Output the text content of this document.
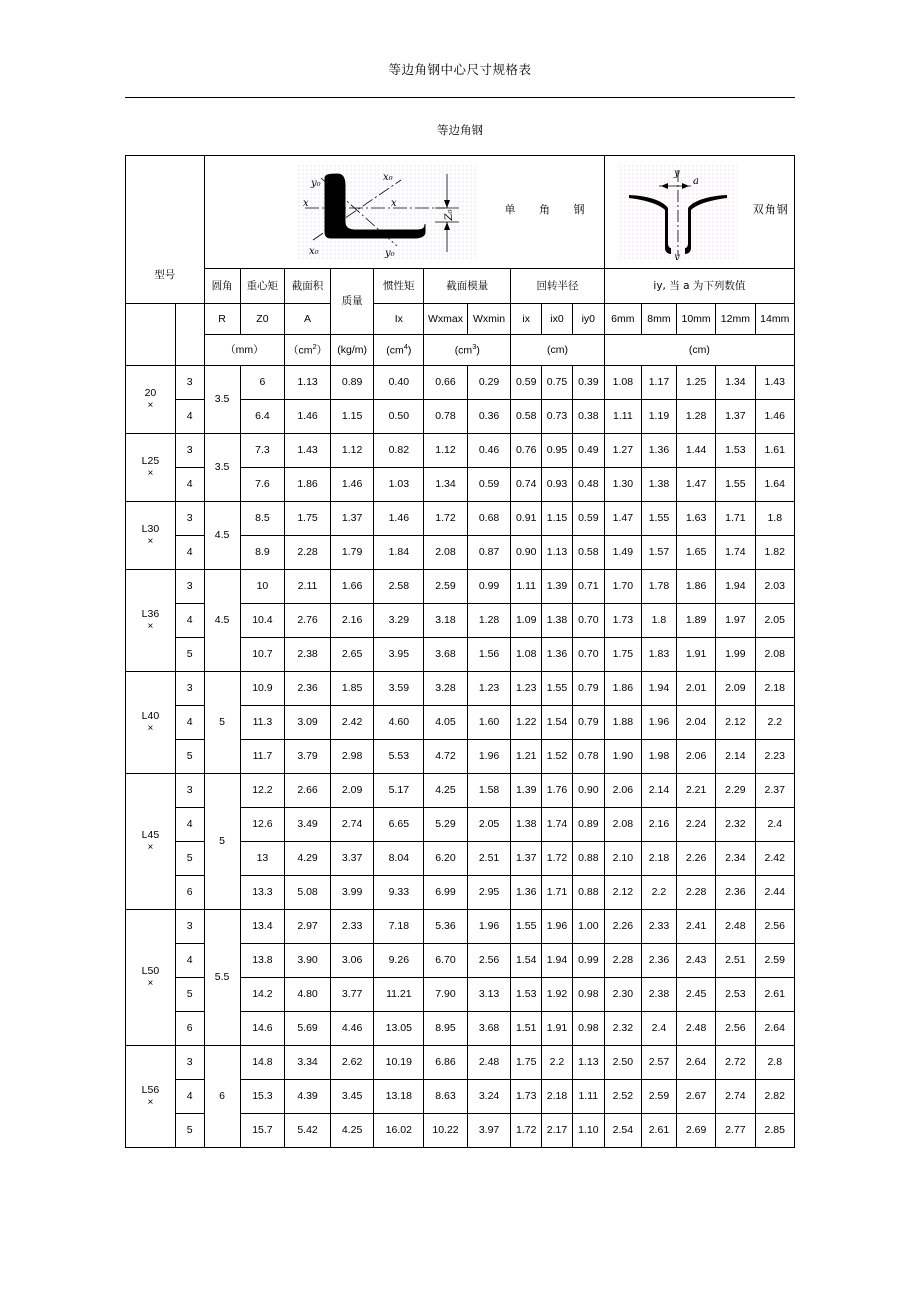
等边角钢中心尺寸规格表
等边角钢
型号

Z₀
y₀
x₀
x	x
x₀	y₀
单 角 钢

y
y
a
双角钢

		圆角	重心矩	截面积	质量	惯性矩	截面模量		回转半径			iy, 当 a 为下列数值				
		R	Z0	A		Ix	Wxmax	Wxmin	ix	ix0	iy0	6mm	8mm	10mm	12mm	14mm
		（mm）		$(cm^2)$	(kg/m)	$(cm^4)$	$(cm^3)$		(cm)			(cm)				
20
×	3	3.5	6	1.13	0.89	0.40	0.66	0.29	0.59	0.75	0.39	1.08	1.17	1.25	1.34	1.43
	4		6.4	1.46	1.15	0.50	0.78	0.36	0.58	0.73	0.38	1.11	1.19	1.28	1.37	1.46
L25
×	3	3.5	7.3	1.43	1.12	0.82	1.12	0.46	0.76	0.95	0.49	1.27	1.36	1.44	1.53	1.61
	4		7.6	1.86	1.46	1.03	1.34	0.59	0.74	0.93	0.48	1.30	1.38	1.47	1.55	1.64
L30
×	3	4.5	8.5	1.75	1.37	1.46	1.72	0.68	0.91	1.15	0.59	1.47	1.55	1.63	1.71	1.8
	4		8.9	2.28	1.79	1.84	2.08	0.87	0.90	1.13	0.58	1.49	1.57	1.65	1.74	1.82
L36
×	3	4.5	10	2.11	1.66	2.58	2.59	0.99	1.11	1.39	0.71	1.70	1.78	1.86	1.94	2.03
	4		10.4	2.76	2.16	3.29	3.18	1.28	1.09	1.38	0.70	1.73	1.8	1.89	1.97	2.05
	5		10.7	2.38	2.65	3.95	3.68	1.56	1.08	1.36	0.70	1.75	1.83	1.91	1.99	2.08
L40
×	3	5	10.9	2.36	1.85	3.59	3.28	1.23	1.23	1.55	0.79	1.86	1.94	2.01	2.09	2.18
	4		11.3	3.09	2.42	4.60	4.05	1.60	1.22	1.54	0.79	1.88	1.96	2.04	2.12	2.2
	5		11.7	3.79	2.98	5.53	4.72	1.96	1.21	1.52	0.78	1.90	1.98	2.06	2.14	2.23
L45
×	3	5	12.2	2.66	2.09	5.17	4.25	1.58	1.39	1.76	0.90	2.06	2.14	2.21	2.29	2.37
	4		12.6	3.49	2.74	6.65	5.29	2.05	1.38	1.74	0.89	2.08	2.16	2.24	2.32	2.4
	5		13	4.29	3.37	8.04	6.20	2.51	1.37	1.72	0.88	2.10	2.18	2.26	2.34	2.42
	6		13.3	5.08	3.99	9.33	6.99	2.95	1.36	1.71	0.88	2.12	2.2	2.28	2.36	2.44
L50
×	3	5.5	13.4	2.97	2.33	7.18	5.36	1.96	1.55	1.96	1.00	2.26	2.33	2.41	2.48	2.56
	4		13.8	3.90	3.06	9.26	6.70	2.56	1.54	1.94	0.99	2.28	2.36	2.43	2.51	2.59
	5		14.2	4.80	3.77	11.21	7.90	3.13	1.53	1.92	0.98	2.30	2.38	2.45	2.53	2.61
	6		14.6	5.69	4.46	13.05	8.95	3.68	1.51	1.91	0.98	2.32	2.4	2.48	2.56	2.64
L56
×	3	6	14.8	3.34	2.62	10.19	6.86	2.48	1.75	2.2	1.13	2.50	2.57	2.64	2.72	2.8
	4		15.3	4.39	3.45	13.18	8.63	3.24	1.73	2.18	1.11	2.52	2.59	2.67	2.74	2.82
	5		15.7	5.42	4.25	16.02	10.22	3.97	1.72	2.17	1.10	2.54	2.61	2.69	2.77	2.85
